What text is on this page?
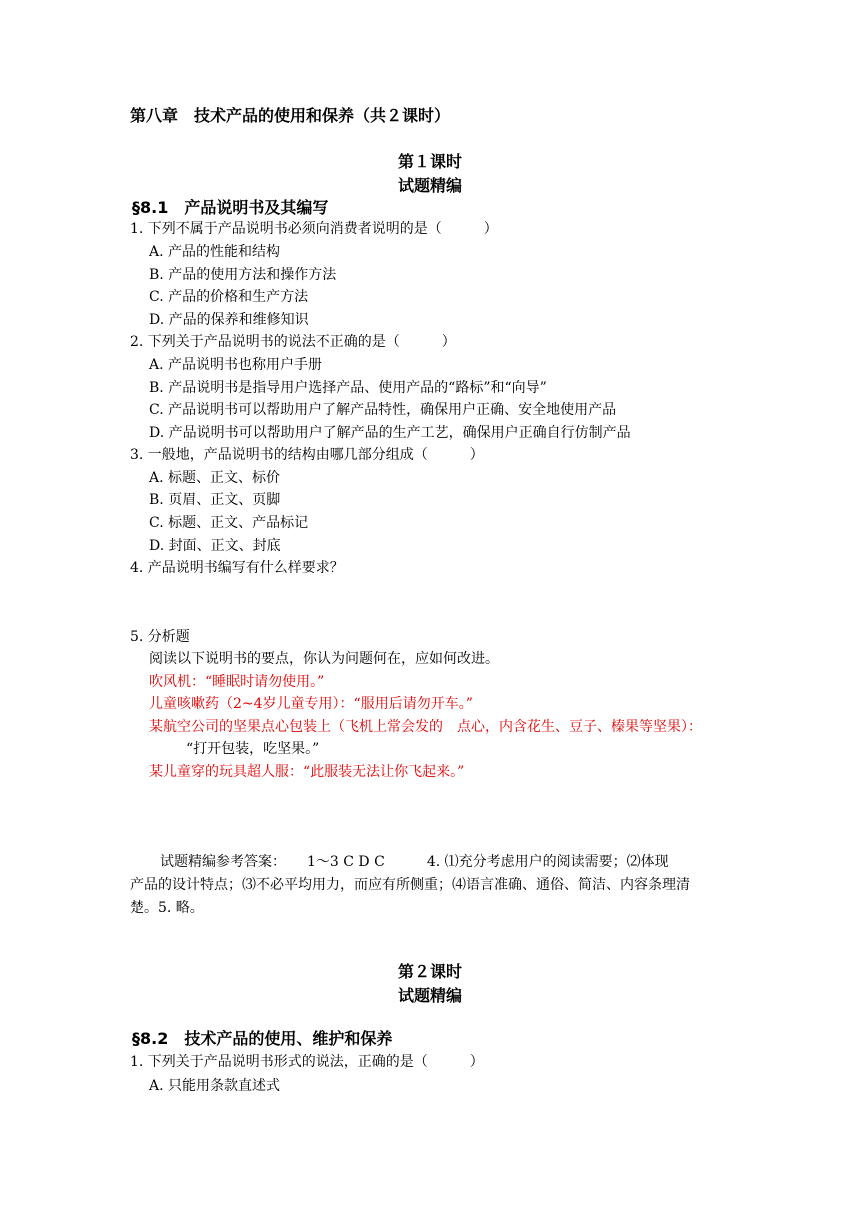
第八章　技术产品的使用和保养（共２课时）
第１课时
试题精编
§8.1　产品说明书及其编写
1. 下列不属于产品说明书必须向消费者说明的是（　　　）
A. 产品的性能和结构
B. 产品的使用方法和操作方法
C. 产品的价格和生产方法
D. 产品的保养和维修知识
2. 下列关于产品说明书的说法不正确的是（　　　）
A. 产品说明书也称用户手册
B. 产品说明书是指导用户选择产品、使用产品的“路标”和“向导”
C. 产品说明书可以帮助用户了解产品特性，确保用户正确、安全地使用产品
D. 产品说明书可以帮助用户了解产品的生产工艺，确保用户正确自行仿制产品
3. 一般地，产品说明书的结构由哪几部分组成（　　　）
A. 标题、正文、标价
B. 页眉、正文、页脚
C. 标题、正文、产品标记
D. 封面、正文、封底
4. 产品说明书编写有什么样要求？
5. 分析题
阅读以下说明书的要点，你认为问题何在，应如何改进。
吹风机：“睡眠时请勿使用。”
儿童咳嗽药（2~4岁儿童专用）：“服用后请勿开车。”
某航空公司的坚果点心包装上（飞机上常会发的　点心，内含花生、豆子、榛果等坚果）：
“打开包装，吃坚果。”
某儿童穿的玩具超人服：“此服装无法让你飞起来。”
试题精编参考答案：　　1～3 C D C　　　4. ⑴充分考虑用户的阅读需要；⑵体现
产品的设计特点；⑶不必平均用力，而应有所侧重；⑷语言准确、通俗、简洁、内容条理清
楚。5. 略。
第２课时
试题精编
§8.2　技术产品的使用、维护和保养
1. 下列关于产品说明书形式的说法，正确的是（　　　）
A. 只能用条款直述式
